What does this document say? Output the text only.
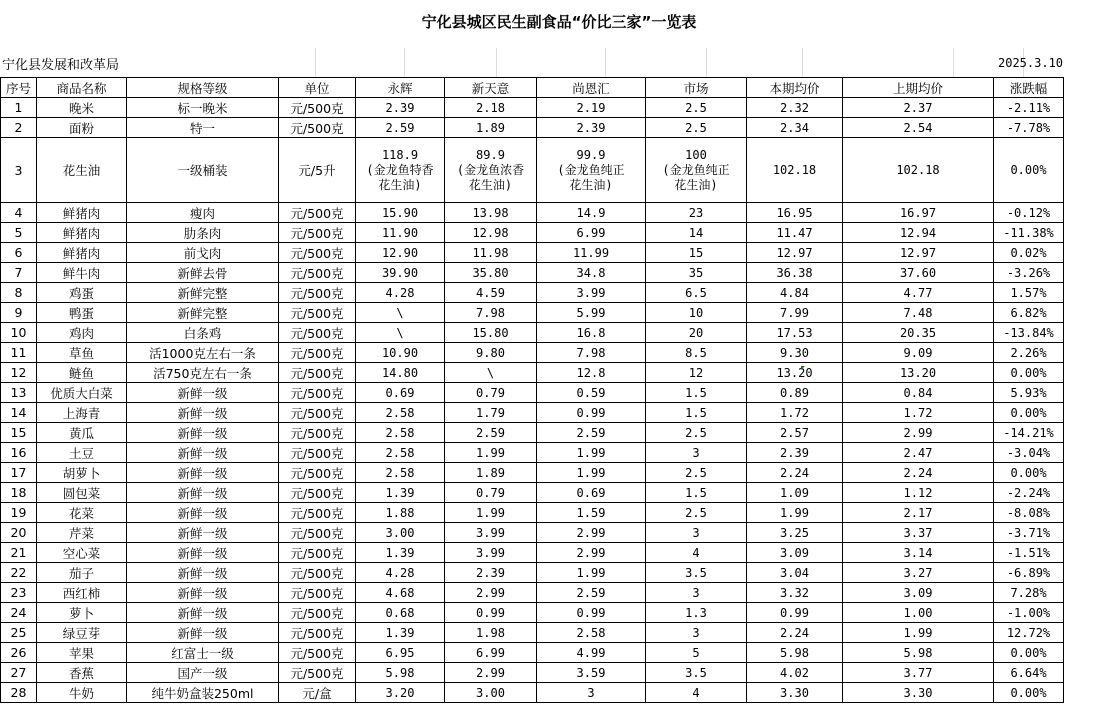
宁化县城区民生副食品“价比三家”一览表
宁化县发展和改革局	2025.3.10
序号	商品名称	规格等级	单位	永辉	新天意	尚恩汇	市场	本期均价	上期均价	涨跌幅
1	晚米	标一晚米	元/500克	2.39	2.18	2.19	2.5	2.32	2.37	-2.11%
2	面粉	特一	元/500克	2.59	1.89	2.39	2.5	2.34	2.54	-7.78%
3	花生油	一级桶装	元/5升	118.9
(金龙鱼特香
花生油)	89.9
(金龙鱼浓香
花生油)	99.9
(金龙鱼纯正
花生油)	100
(金龙鱼纯正
花生油)	102.18	102.18	0.00%
4	鲜猪肉	瘦肉	元/500克	15.90	13.98	14.9	23	16.95	16.97	-0.12%
5	鲜猪肉	肋条肉	元/500克	11.90	12.98	6.99	14	11.47	12.94	-11.38%
6	鲜猪肉	前戈肉	元/500克	12.90	11.98	11.99	15	12.97	12.97	0.02%
7	鲜牛肉	新鲜去骨	元/500克	39.90	35.80	34.8	35	36.38	37.60	-3.26%
8	鸡蛋	新鲜完整	元/500克	4.28	4.59	3.99	6.5	4.84	4.77	1.57%
9	鸭蛋	新鲜完整	元/500克	\	7.98	5.99	10	7.99	7.48	6.82%
10	鸡肉	白条鸡	元/500克	\	15.80	16.8	20	17.53	20.35	-13.84%
11	草鱼	活1000克左右一条	元/500克	10.90	9.80	7.98	8.5	9.30	9.09	2.26%
12	鲢鱼	活750克左右一条	元/500克	14.80	\	12.8	12	13.20	13.20	0.00%
13	优质大白菜	新鲜一级	元/500克	0.69	0.79	0.59	1.5	0.89	0.84	5.93%
14	上海青	新鲜一级	元/500克	2.58	1.79	0.99	1.5	1.72	1.72	0.00%
15	黄瓜	新鲜一级	元/500克	2.58	2.59	2.59	2.5	2.57	2.99	-14.21%
16	土豆	新鲜一级	元/500克	2.58	1.99	1.99	3	2.39	2.47	-3.04%
17	胡萝卜	新鲜一级	元/500克	2.58	1.89	1.99	2.5	2.24	2.24	0.00%
18	圆包菜	新鲜一级	元/500克	1.39	0.79	0.69	1.5	1.09	1.12	-2.24%
19	花菜	新鲜一级	元/500克	1.88	1.99	1.59	2.5	1.99	2.17	-8.08%
20	芹菜	新鲜一级	元/500克	3.00	3.99	2.99	3	3.25	3.37	-3.71%
21	空心菜	新鲜一级	元/500克	1.39	3.99	2.99	4	3.09	3.14	-1.51%
22	茄子	新鲜一级	元/500克	4.28	2.39	1.99	3.5	3.04	3.27	-6.89%
23	西红柿	新鲜一级	元/500克	4.68	2.99	2.59	3	3.32	3.09	7.28%
24	萝卜	新鲜一级	元/500克	0.68	0.99	0.99	1.3	0.99	1.00	-1.00%
25	绿豆芽	新鲜一级	元/500克	1.39	1.98	2.58	3	2.24	1.99	12.72%
26	苹果	红富士一级	元/500克	6.95	6.99	4.99	5	5.98	5.98	0.00%
27	香蕉	国产一级	元/500克	5.98	2.99	3.59	3.5	4.02	3.77	6.64%
28	牛奶	纯牛奶盒装250ml	元/盒	3.20	3.00	3	4	3.30	3.30	0.00%
